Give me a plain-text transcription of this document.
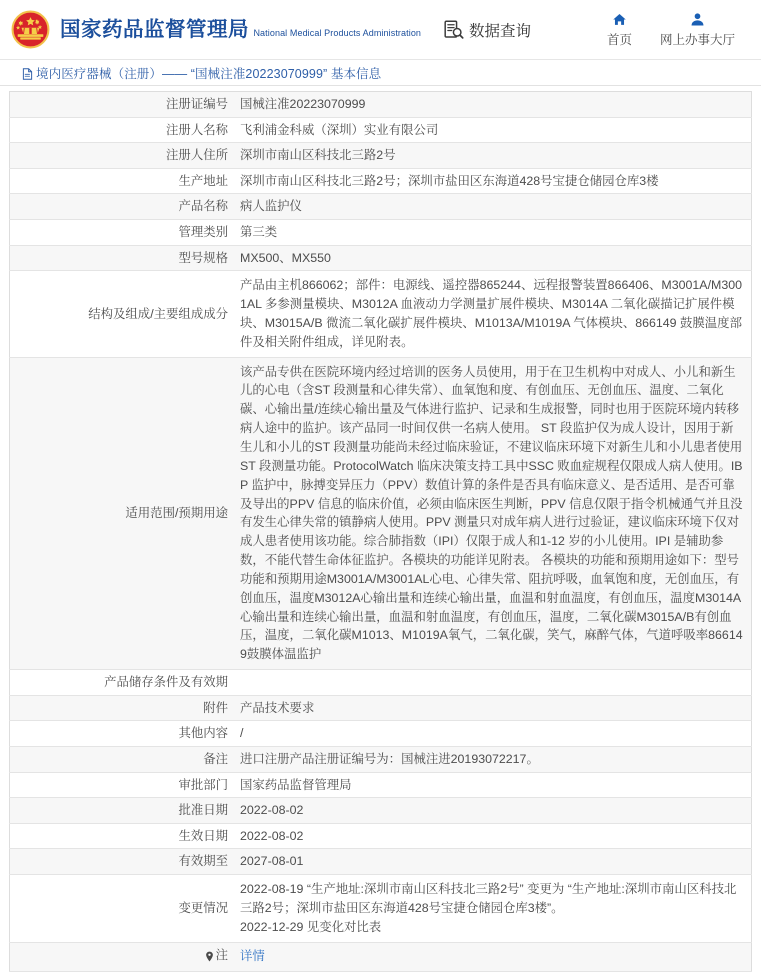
国家药品监督管理局 National Medical Products Administration	数据查询
首页 网上办事大厅
境内医疗器械（注册）—— “国械注准20223070999” 基本信息
注册证编号	国械注准20223070999
注册人名称	飞利浦金科威（深圳）实业有限公司
注册人住所	深圳市南山区科技北三路2号
生产地址	深圳市南山区科技北三路2号；深圳市盐田区东海道428号宝捷仓储园仓库3楼
产品名称	病人监护仪
管理类别	第三类
型号规格	MX500、MX550
结构及组成/主要组成成分	产品由主机866062；部件：电源线、遥控器865244、远程报警装置866406、M3001A/M3001AL 多参测量模块、M3012A 血液动力学测量扩展件模块、M3014A 二氧化碳描记扩展件模块、M3015A/B 微流二氧化碳扩展件模块、M1013A/M1019A 气体模块、866149 鼓膜温度部件及相关附件组成，详见附表。
适用范围/预期用途	该产品专供在医院环境内经过培训的医务人员使用，用于在卫生机构中对成人、小儿和新生儿的心电（含ST 段测量和心律失常）、血氧饱和度、有创血压、无创血压、温度、二氧化碳、心输出量/连续心输出量及气体进行监护、记录和生成报警，同时也用于医院环境内转移病人途中的监护。该产品同一时间仅供一名病人使用。 ST 段监护仅为成人设计，因用于新生儿和小儿的ST 段测量功能尚未经过临床验证，不建议临床环境下对新生儿和小儿患者使用ST 段测量功能。ProtocolWatch 临床决策支持工具中SSC 败血症规程仅限成人病人使用。IBP 监护中，脉搏变异压力（PPV）数值计算的条件是否具有临床意义、是否适用、是否可靠及导出的PPV 信息的临床价值，必须由临床医生判断，PPV 信息仅限于指令机械通气并且没有发生心律失常的镇静病人使用。PPV 测量只对成年病人进行过验证，建议临床环境下仅对成人患者使用该功能。综合肺指数（IPI）仅限于成人和1-12 岁的小儿使用。IPI 是辅助参数，不能代替生命体征监护。各模块的功能详见附表。 各模块的功能和预期用途如下：型号功能和预期用途M3001A/M3001AL心电、心律失常、阻抗呼吸，血氧饱和度，无创血压，有创血压，温度M3012A心输出量和连续心输出量，血温和射血温度，有创血压，温度M3014A心输出量和连续心输出量，血温和射血温度，有创血压，温度，二氧化碳M3015A/B有创血压，温度，二氧化碳M1013、M1019A氧气，二氧化碳，笑气，麻醉气体，气道呼吸率866149鼓膜体温监护
产品储存条件及有效期	
附件	产品技术要求
其他内容	/
备注	进口注册产品注册证编号为：国械注进20193072217。
审批部门	国家药品监督管理局
批准日期	2022-08-02
生效日期	2022-08-02
有效期至	2027-08-01
变更情况	2022-08-19 “生产地址:深圳市南山区科技北三路2号” 变更为 “生产地址:深圳市南山区科技北三路2号；深圳市盐田区东海道428号宝捷仓储园仓库3楼”。
2022-12-29 见变化对比表

注	详情
